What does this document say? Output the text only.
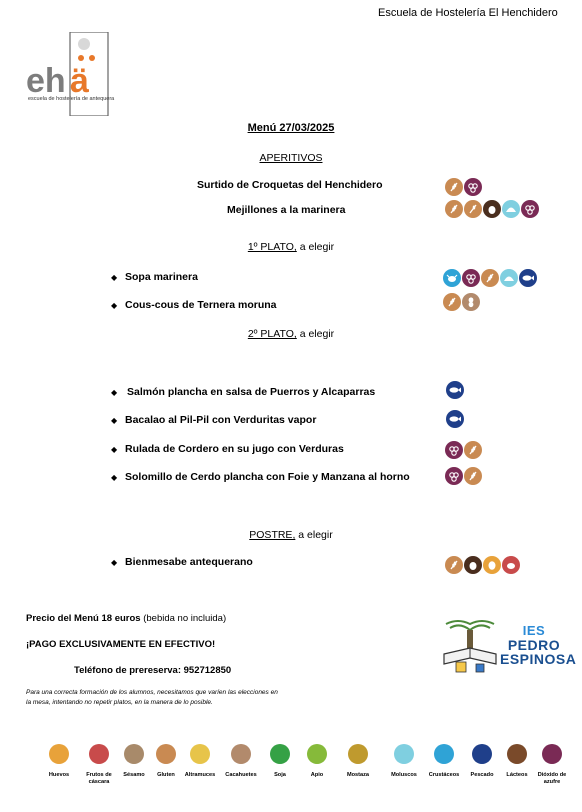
Escuela de Hostelería El Henchidero
eh ä
escuela de hostelería de antequera
Menú 27/03/2025
APERITIVOS
Surtido de Croquetas del Henchidero
Mejillones a la marinera
1º PLATO, a elegir
◆ Sopa marinera
◆ Cous-cous de Ternera moruna
2º PLATO, a elegir
◆ Salmón plancha en salsa de Puerros y Alcaparras
◆ Bacalao al Pil-Pil con Verduritas vapor
◆ Rulada de Cordero en su jugo con Verduras
◆ Solomillo de Cerdo plancha con Foie y Manzana al horno
POSTRE, a elegir
◆ Bienmesabe antequerano
Precio del Menú 18 euros (bebida no incluida)
¡PAGO EXCLUSIVAMENTE EN EFECTIVO!
Teléfono de prereserva: 952712850
Para una correcta formación de los alumnos, necesitamos que varíen las elecciones en la mesa, intentando no repetir platos, en la manera de lo posible.
IES
PEDRO
ESPINOSA
Huevos	Frutos de cáscara
Sésamo	Gluten	Altramuces	Cacahuetes	Soja	Apio	Mostaza	Moluscos	Crustáceos	Pescado	Lácteos	Dióxido de azufre
